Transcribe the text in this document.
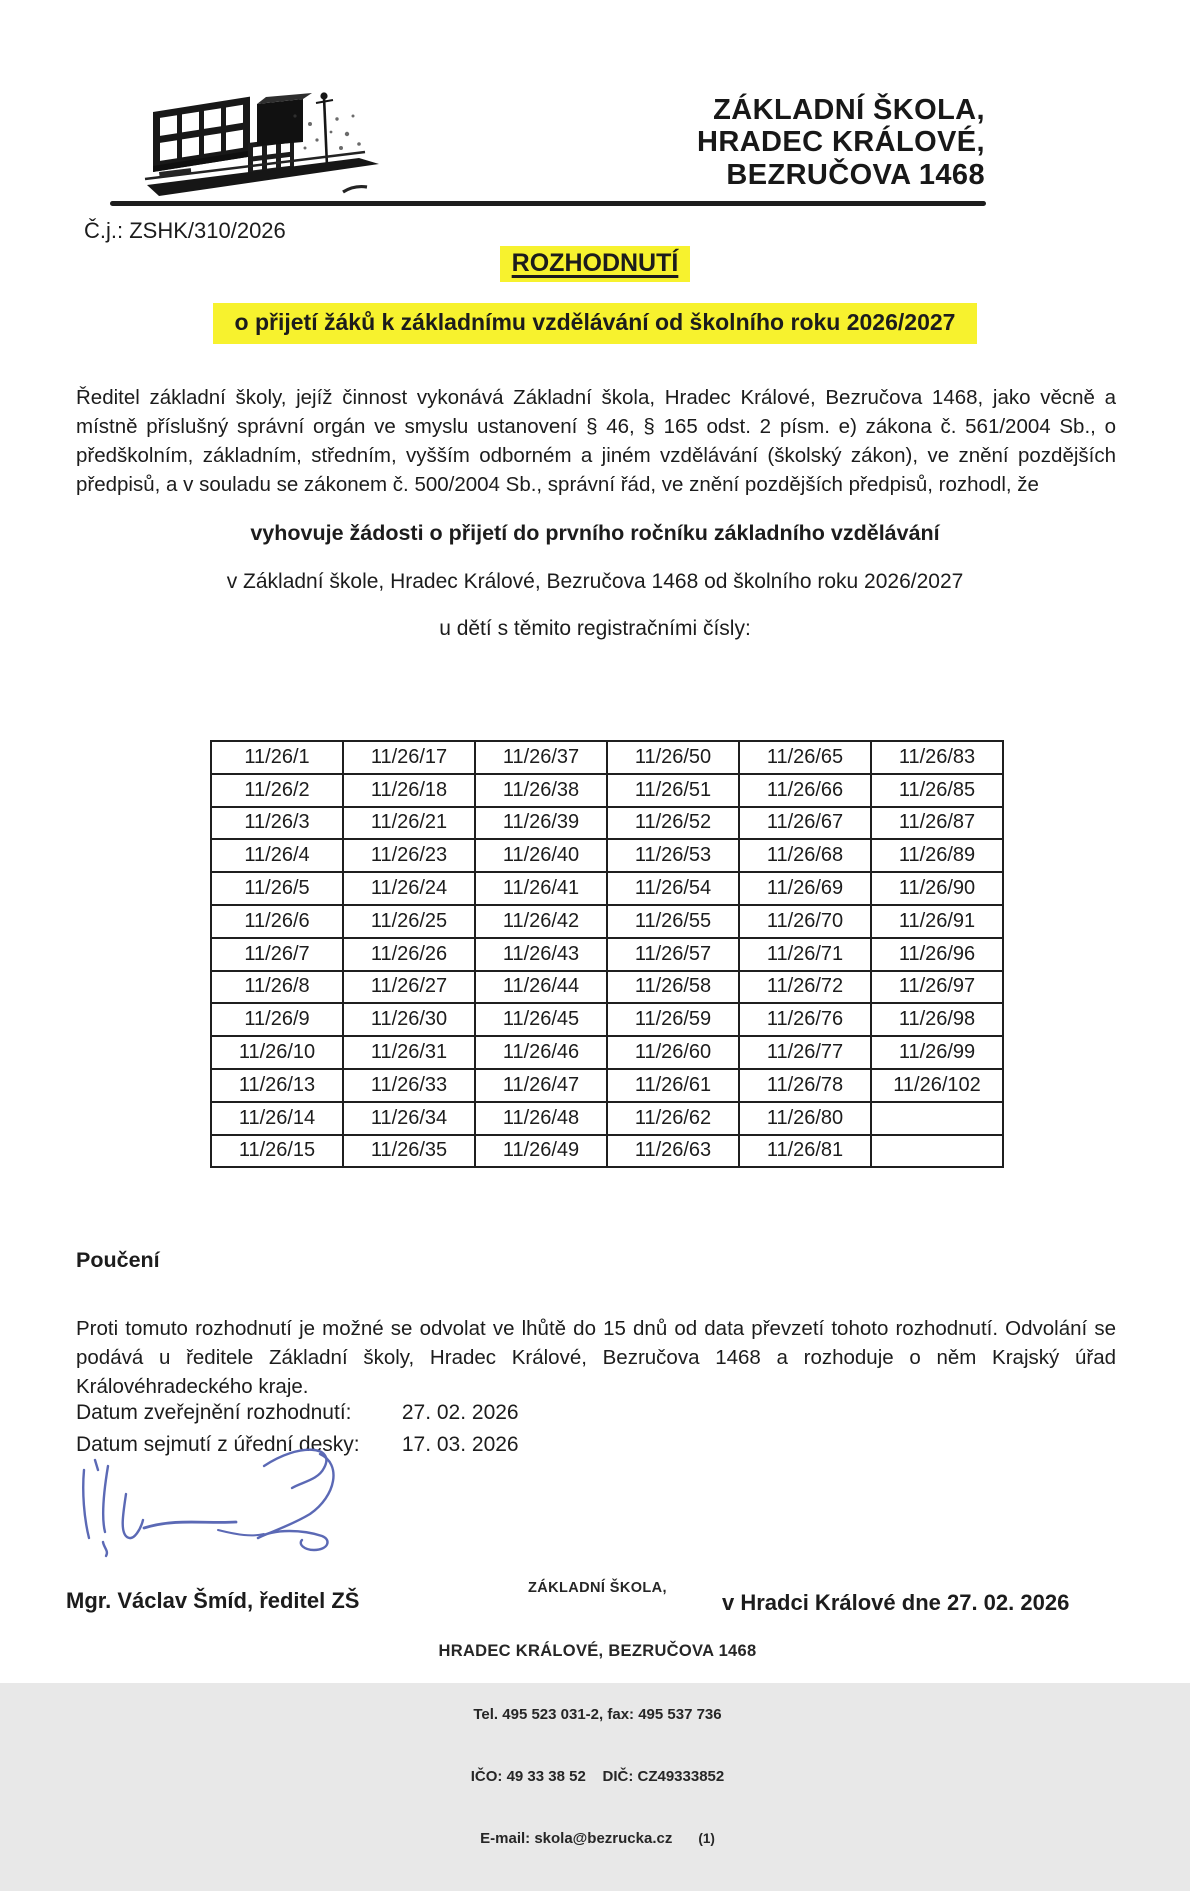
ZÁKLADNÍ ŠKOLA,
HRADEC KRÁLOVÉ,
BEZRUČOVA 1468
Č.j.: ZSHK/310/2026
ROZHODNUTÍ
o přijetí žáků k základnímu vzdělávání od školního roku 2026/2027

Ředitel základní školy, jejíž činnost vykonává Základní škola, Hradec Králové, Bezručova 1468, jako věcně a místně příslušný správní orgán ve smyslu ustanovení § 46, § 165 odst. 2 písm. e) zákona č. 561/2004 Sb., o předškolním, základním, středním, vyšším odborném a jiném vzdělávání (školský zákon), ve znění pozdějších předpisů, a v souladu se zákonem č. 500/2004 Sb., správní řád, ve znění pozdějších předpisů, rozhodl, že

vyhovuje žádosti o přijetí do prvního ročníku základního vzdělávání
v Základní škole, Hradec Králové, Bezručova 1468 od školního roku 2026/2027
u dětí s těmito registračními čísly:
11/26/1	11/26/17	11/26/37	11/26/50	11/26/65	11/26/83
11/26/2	11/26/18	11/26/38	11/26/51	11/26/66	11/26/85
11/26/3	11/26/21	11/26/39	11/26/52	11/26/67	11/26/87
11/26/4	11/26/23	11/26/40	11/26/53	11/26/68	11/26/89
11/26/5	11/26/24	11/26/41	11/26/54	11/26/69	11/26/90
11/26/6	11/26/25	11/26/42	11/26/55	11/26/70	11/26/91
11/26/7	11/26/26	11/26/43	11/26/57	11/26/71	11/26/96
11/26/8	11/26/27	11/26/44	11/26/58	11/26/72	11/26/97
11/26/9	11/26/30	11/26/45	11/26/59	11/26/76	11/26/98
11/26/10	11/26/31	11/26/46	11/26/60	11/26/77	11/26/99
11/26/13	11/26/33	11/26/47	11/26/61	11/26/78	11/26/102
11/26/14	11/26/34	11/26/48	11/26/62	11/26/80	
11/26/15	11/26/35	11/26/49	11/26/63	11/26/81	
Poučení

Proti tomuto rozhodnutí je možné se odvolat ve lhůtě do 15 dnů od data převzetí tohoto rozhodnutí. Odvolání se podává u ředitele Základní školy, Hradec Králové, Bezručova 1468 a rozhoduje o něm Krajský úřad Královéhradeckého kraje.

Datum zveřejnění rozhodnutí: 27. 02. 2026
Datum sejmutí z úřední desky: 17. 03. 2026
Mgr. Václav Šmíd, ředitel ZŠ

	ZÁKLADNÍ ŠKOLA,

HRADEC KRÁLOVÉ, BEZRUČOVA 1468

Tel. 495 523 031-2, fax: 495 537 736

IČO: 49 33 38 52    DIČ: CZ49333852

E-mail: skola@bezrucka.cz (1)

v Hradci Králové dne 27. 02. 2026
